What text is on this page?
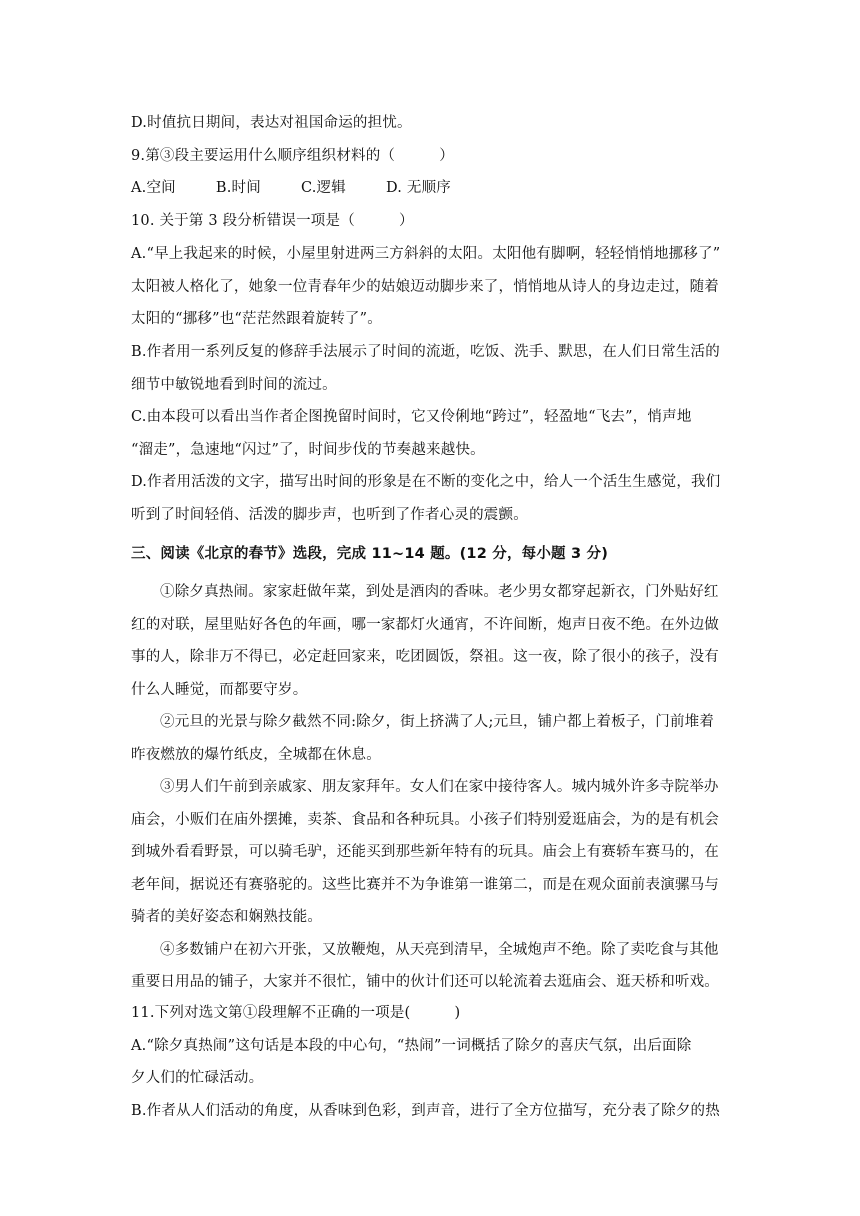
D.时值抗日期间，表达对祖国命运的担忧。
9.第③段主要运用什么顺序组织材料的（　　　）
A.空间	B.时间	C.逻辑	D. 无顺序
10. 关于第 3 段分析错误一项是（　　　）
A.“早上我起来的时候，小屋里射进两三方斜斜的太阳。太阳他有脚啊，轻轻悄悄地挪移了”
太阳被人格化了，她象一位青春年少的姑娘迈动脚步来了，悄悄地从诗人的身边走过，随着
太阳的“挪移”也“茫茫然跟着旋转了”。
B.作者用一系列反复的修辞手法展示了时间的流逝，吃饭、洗手、默思，在人们日常生活的
细节中敏锐地看到时间的流过。
C.由本段可以看出当作者企图挽留时间时，它又伶俐地“跨过”，轻盈地“飞去”，悄声地
“溜走”，急速地“闪过”了，时间步伐的节奏越来越快。
D.作者用活泼的文字，描写出时间的形象是在不断的变化之中，给人一个活生生感觉，我们
听到了时间轻俏、活泼的脚步声，也听到了作者心灵的震颤。
三、阅读《北京的春节》选段，完成 11~14 题。(12 分，每小题 3 分)
①除夕真热闹。家家赶做年菜，到处是酒肉的香味。老少男女都穿起新衣，门外贴好红
红的对联，屋里贴好各色的年画，哪一家都灯火通宵，不许间断，炮声日夜不绝。在外边做
事的人，除非万不得已，必定赶回家来，吃团圆饭，祭祖。这一夜，除了很小的孩子，没有
什么人睡觉，而都要守岁。
②元旦的光景与除夕截然不同:除夕，街上挤满了人;元旦，铺户都上着板子，门前堆着
昨夜燃放的爆竹纸皮，全城都在休息。
③男人们午前到亲戚家、朋友家拜年。女人们在家中接待客人。城内城外许多寺院举办
庙会，小贩们在庙外摆摊，卖茶、食品和各种玩具。小孩子们特别爱逛庙会，为的是有机会
到城外看看野景，可以骑毛驴，还能买到那些新年特有的玩具。庙会上有赛轿车赛马的，在
老年间，据说还有赛骆驼的。这些比赛并不为争谁第一谁第二，而是在观众面前表演骡马与
骑者的美好姿态和娴熟技能。
④多数铺户在初六开张，又放鞭炮，从天亮到清早，全城炮声不绝。除了卖吃食与其他
重要日用品的铺子，大家并不很忙，铺中的伙计们还可以轮流着去逛庙会、逛天桥和听戏。
11.下列对选文第①段理解不正确的一项是(　　　)
A.“除夕真热闹”这句话是本段的中心句，“热闹”一词概括了除夕的喜庆气氛，出后面除
夕人们的忙碌活动。
B.作者从人们活动的角度，从香味到色彩，到声音，进行了全方位描写，充分表了除夕的热
